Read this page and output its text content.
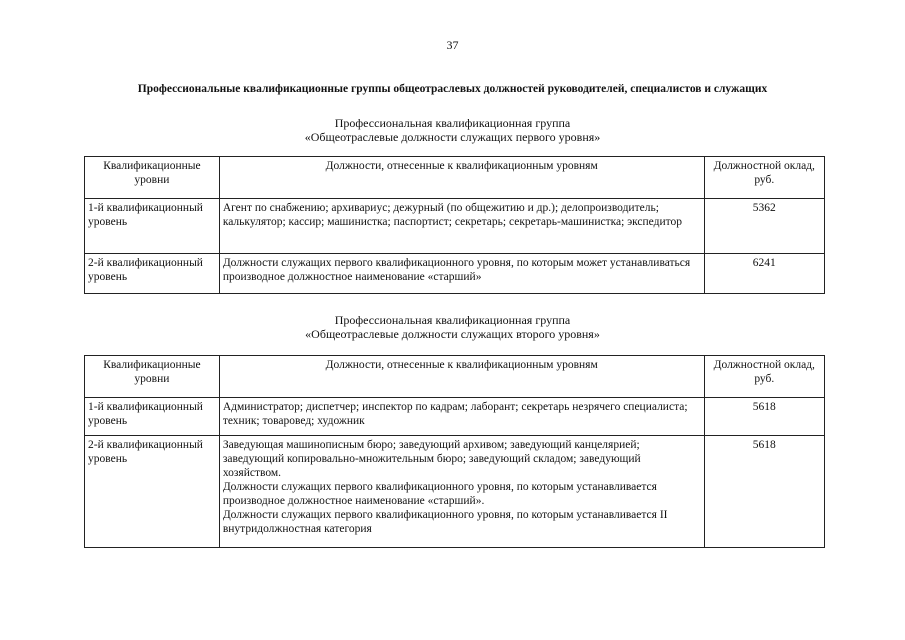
37
Профессиональные квалификационные группы общеотраслевых должностей руководителей, специалистов и служащих
Профессиональная квалификационная группа
«Общеотраслевые должности служащих первого уровня»
Квалификационные уровни	Должности, отнесенные к квалификационным уровням	Должностной оклад, руб.
1-й квалификационный уровень	Агент по снабжению; архивариус; дежурный (по общежитию и др.); делопроизводитель; калькулятор; кассир; машинистка; паспортист; секретарь; секретарь-машинистка; экспедитор	5362
2-й квалификационный уровень	Должности служащих первого квалификационного уровня, по которым может устанавливаться производное должностное наименование «старший»	6241
Профессиональная квалификационная группа
«Общеотраслевые должности служащих второго уровня»
Квалификационные уровни	Должности, отнесенные к квалификационным уровням	Должностной оклад, руб.
1-й квалификационный уровень	Администратор; диспетчер; инспектор по кадрам; лаборант; секретарь незрячего специалиста; техник; товаровед; художник	5618
2-й квалификационный уровень	Заведующая машинописным бюро; заведующий архивом; заведующий канцелярией; заведующий копировально-множительным бюро; заведующий складом; заведующий хозяйством.
Должности служащих первого квалификационного уровня, по которым устанавливается производное должностное наименование «старший».
Должности служащих первого квалификационного уровня, по которым устанавливается II внутридолжностная категория	5618
